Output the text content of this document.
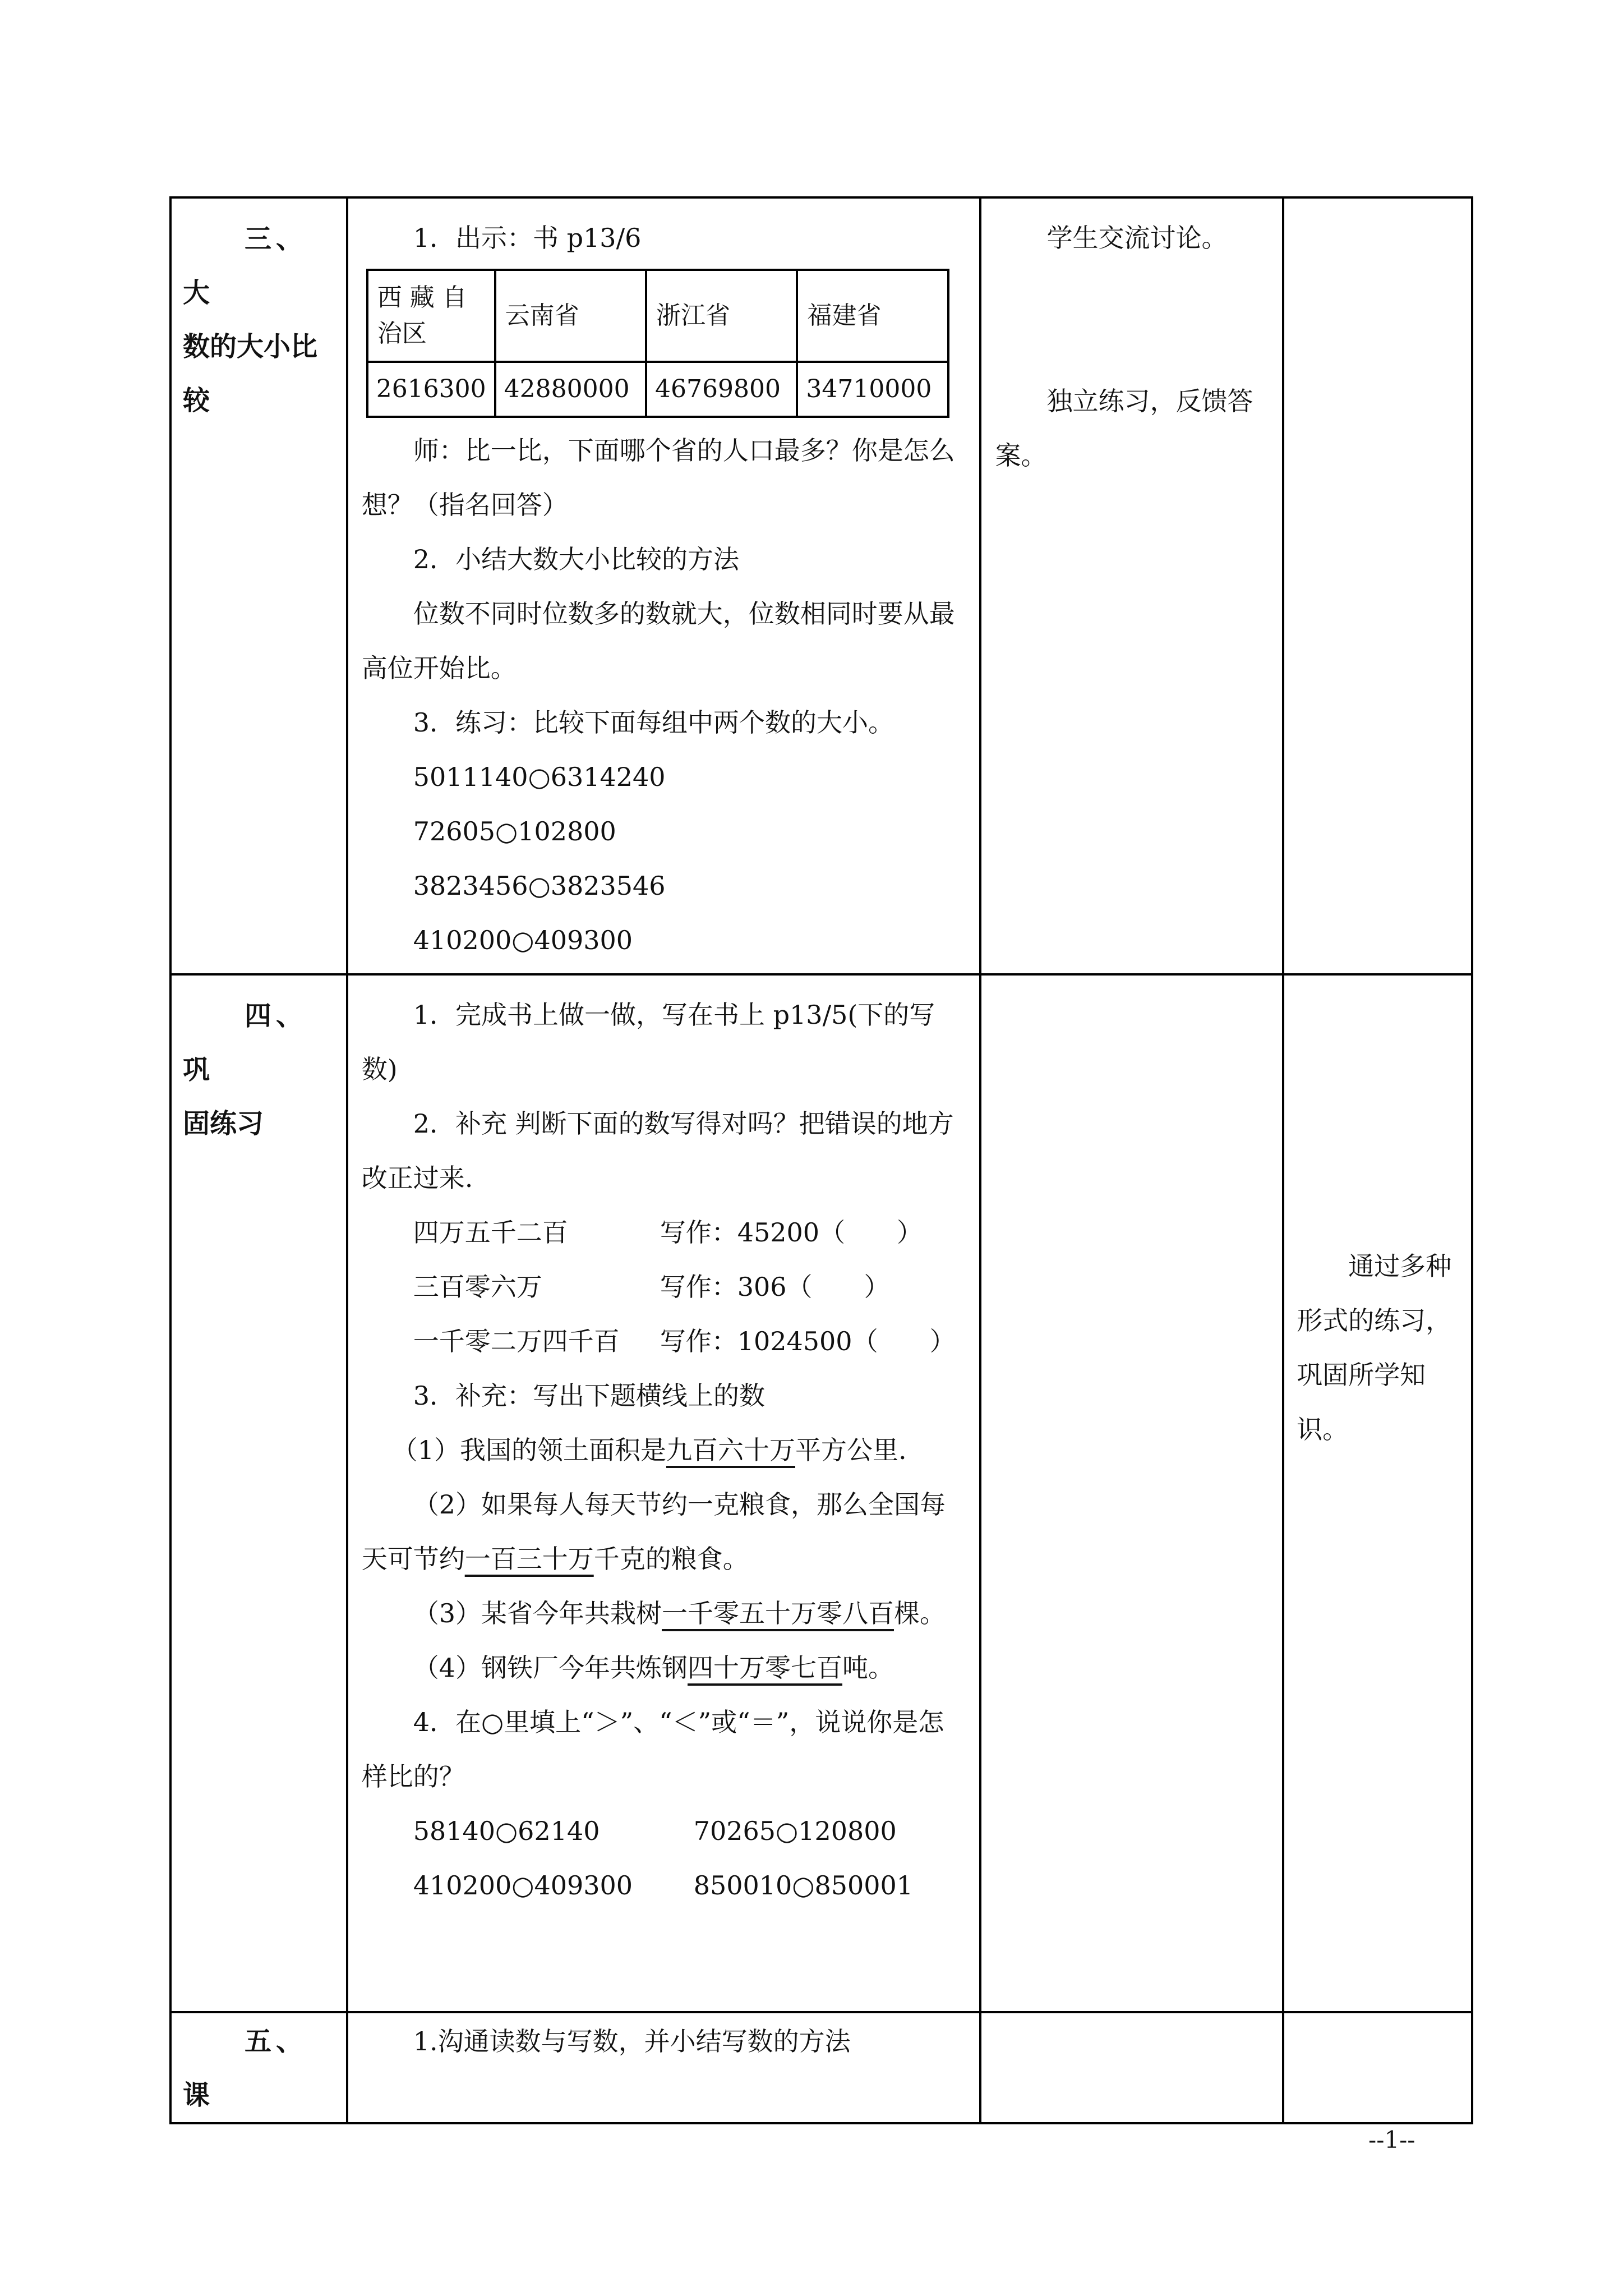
三、大
数的大小比
较

1．出示：书 p13/6

西 藏 自治区	云南省	浙江省	福建省
2616300	42880000	46769800	34710000

师：比一比，下面哪个省的人口最多？你是怎么想？（指名回答）

2．小结大数大小比较的方法

位数不同时位数多的数就大，位数相同时要从最高位开始比。

3．练习：比较下面每组中两个数的大小。

5011140○6314240

72605○102800

3823456○3823546

410200○409300

学生交流讨论。

独立练习，反馈答案。

四、巩
固练习

1．完成书上做一做，写在书上 p13/5(下的写数)

2．补充 判断下面的数写得对吗？把错误的地方改正过来.

四万五千二百	写作：45200（　　）

三百零六万	写作：306（　　）

一千零二万四千百 写作：1024500（　　）

3．补充：写出下题横线上的数

（1）我国的领土面积是九百六十万平方公里.

（2）如果每人每天节约一克粮食，那么全国每天可节约一百三十万千克的粮食。

（3）某省今年共栽树一千零五十万零八百棵。

（4）钢铁厂今年共炼钢四十万零七百吨。

4．在○里填上“＞”、“＜”或“＝”，说说你是怎样比的？

58140○62140	70265○120800

410200○409300 850010○850001

通过多种形式的练习，巩固所学知识。

五、课

1.沟通读数与写数，并小结写数的方法

--1--
